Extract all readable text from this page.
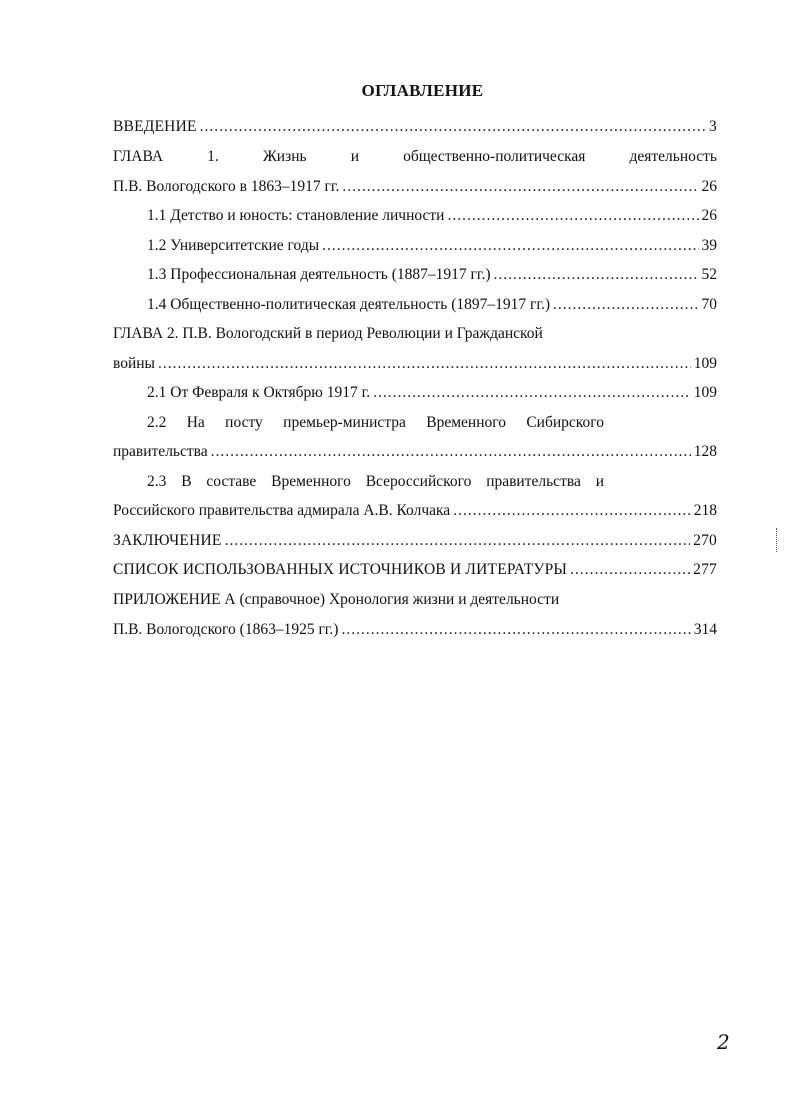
ОГЛАВЛЕНИЕ
ВВЕДЕНИЕ .....	3
ГЛАВА 1. Жизнь и общественно-политическая деятельность
П.В. Вологодского в 1863–1917 гг. .....	26
1.1 Детство и юность: становление личности .....	26
1.2 Университетские годы .....	39
1.3 Профессиональная деятельность (1887–1917 гг.) .....	52
1.4 Общественно-политическая деятельность (1897–1917 гг.) .....	70
ГЛАВА 2. П.В. Вологодский в период Революции и Гражданской
войны .....	109
2.1 От Февраля к Октябрю 1917 г. .....	109
2.2 На посту премьер-министра Временного Сибирского
правительства .....	128
2.3 В составе Временного Всероссийского правительства и
Российского правительства адмирала А.В. Колчака .....	218
ЗАКЛЮЧЕНИЕ .....	270
СПИСОК ИСПОЛЬЗОВАННЫХ ИСТОЧНИКОВ И ЛИТЕРАТУРЫ .....	277
ПРИЛОЖЕНИЕ А (справочное) Хронология жизни и деятельности
П.В. Вологодского (1863–1925 гг.) .....	314
2
